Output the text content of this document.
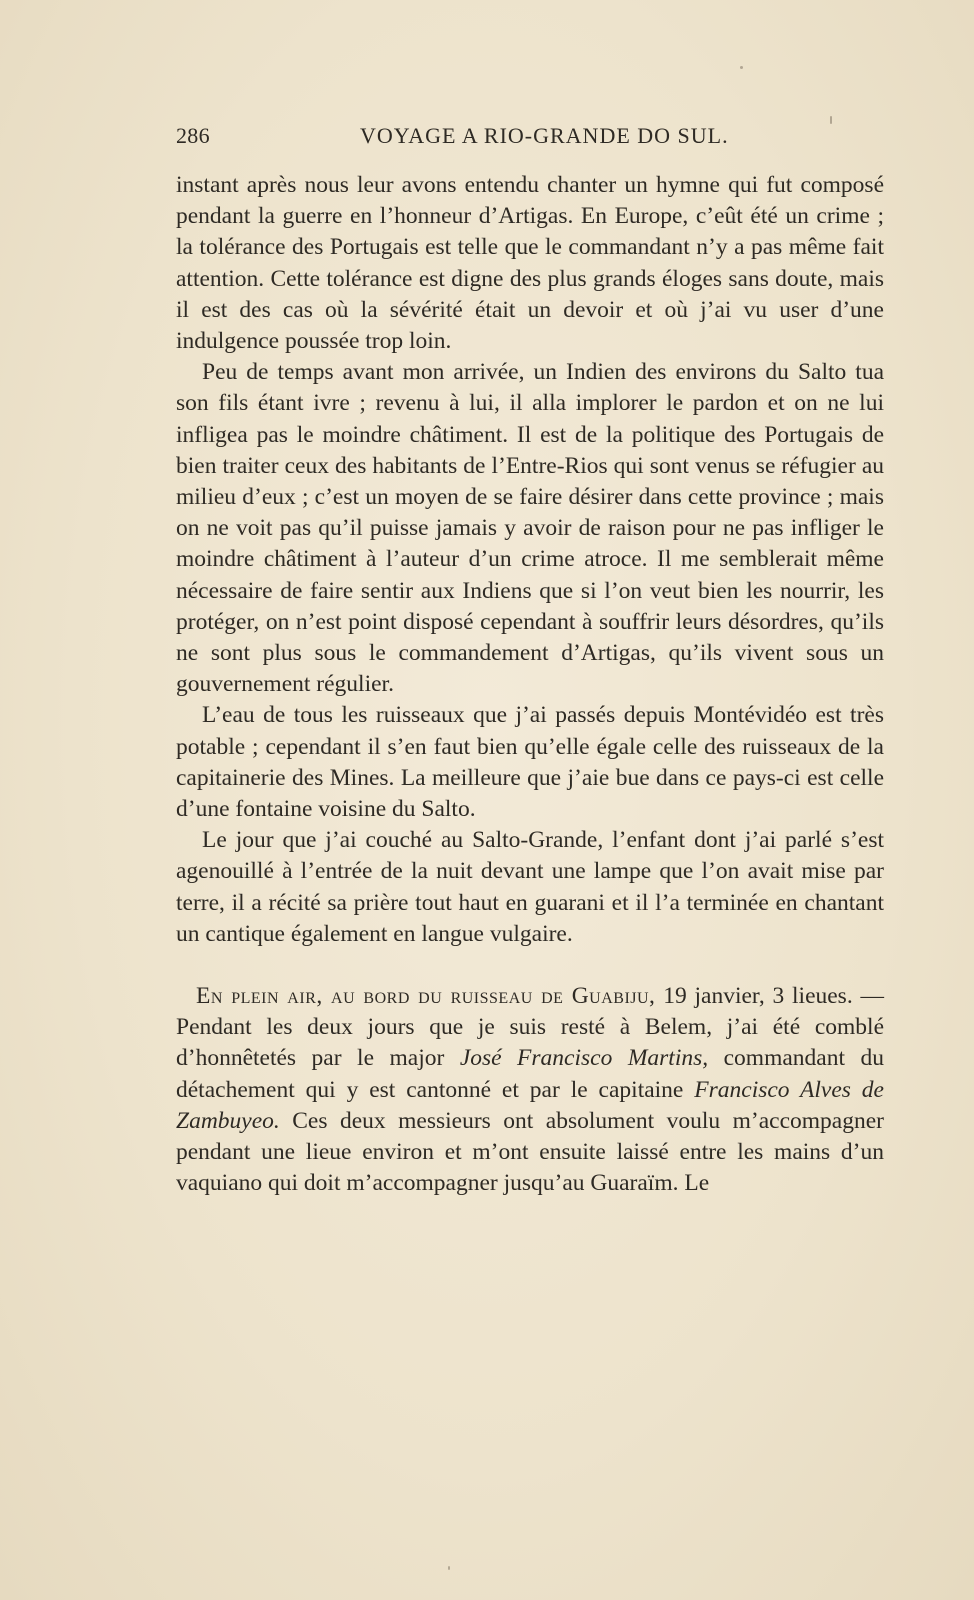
286	VOYAGE A RIO-GRANDE DO SUL.

instant après nous leur avons entendu chanter un hymne qui fut composé pendant la guerre en l’honneur d’Artigas. En Europe, c’eût été un crime ; la tolérance des Portugais est telle que le commandant n’y a pas même fait attention. Cette tolérance est digne des plus grands éloges sans doute, mais il est des cas où la sévérité était un devoir et où j’ai vu user d’une indulgence poussée trop loin.

Peu de temps avant mon arrivée, un Indien des environs du Salto tua son fils étant ivre ; revenu à lui, il alla implorer le pardon et on ne lui infligea pas le moindre châtiment. Il est de la politique des Portugais de bien traiter ceux des habitants de l’Entre-Rios qui sont venus se réfugier au milieu d’eux ; c’est un moyen de se faire désirer dans cette province ; mais on ne voit pas qu’il puisse jamais y avoir de raison pour ne pas infliger le moindre châtiment à l’auteur d’un crime atroce. Il me semblerait même nécessaire de faire sentir aux Indiens que si l’on veut bien les nourrir, les protéger, on n’est point disposé cependant à souffrir leurs désordres, qu’ils ne sont plus sous le commandement d’Artigas, qu’ils vivent sous un gouvernement régulier.

L’eau de tous les ruisseaux que j’ai passés depuis Montévidéo est très potable ; cependant il s’en faut bien qu’elle égale celle des ruisseaux de la capitainerie des Mines. La meilleure que j’aie bue dans ce pays-ci est celle d’une fontaine voisine du Salto.

Le jour que j’ai couché au Salto-Grande, l’enfant dont j’ai parlé s’est agenouillé à l’entrée de la nuit devant une lampe que l’on avait mise par terre, il a récité sa prière tout haut en guarani et il l’a terminée en chantant un cantique également en langue vulgaire.

En plein air, au bord du ruisseau de Guabiju, 19 janvier, 3 lieues. — Pendant les deux jours que je suis resté à Belem, j’ai été comblé d’honnêtetés par le major José Francisco Martins, commandant du détachement qui y est cantonné et par le capitaine Francisco Alves de Zambuyeo. Ces deux messieurs ont absolument voulu m’accompagner pendant une lieue environ et m’ont ensuite laissé entre les mains d’un vaquiano qui doit m’accompagner jusqu’au Guaraïm. Le
